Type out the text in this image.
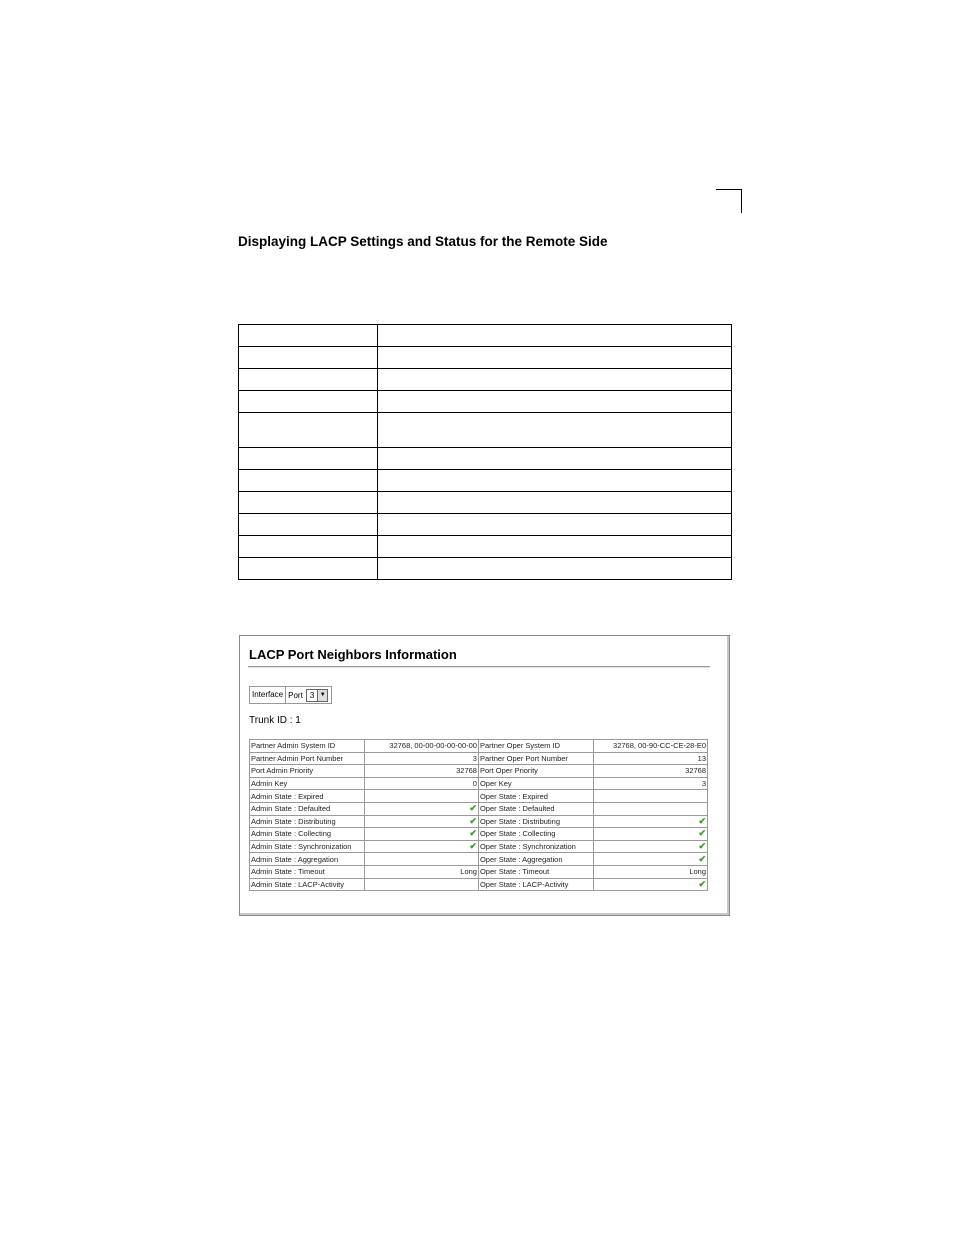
Displaying LACP Settings and Status for the Remote Side

LACP Port Neighbors Information
Interface Port 3 ▼
Trunk ID : 1
Partner Admin System ID	32768, 00-00-00-00-00-00	Partner Oper System ID	32768, 00-90-CC-CE-28-E0
Partner Admin Port Number	3	Partner Oper Port Number	13
Port Admin Priority	32768	Port Oper Priority	32768
Admin Key	0	Oper Key	3
Admin State : Expired		Oper State : Expired	
Admin State : Defaulted	✔	Oper State : Defaulted	
Admin State : Distributing	✔	Oper State : Distributing	✔
Admin State : Collecting	✔	Oper State : Collecting	✔
Admin State : Synchronization	✔	Oper State : Synchronization	✔
Admin State : Aggregation		Oper State : Aggregation	✔
Admin State : Timeout	Long	Oper State : Timeout	Long
Admin State : LACP-Activity		Oper State : LACP-Activity	✔
